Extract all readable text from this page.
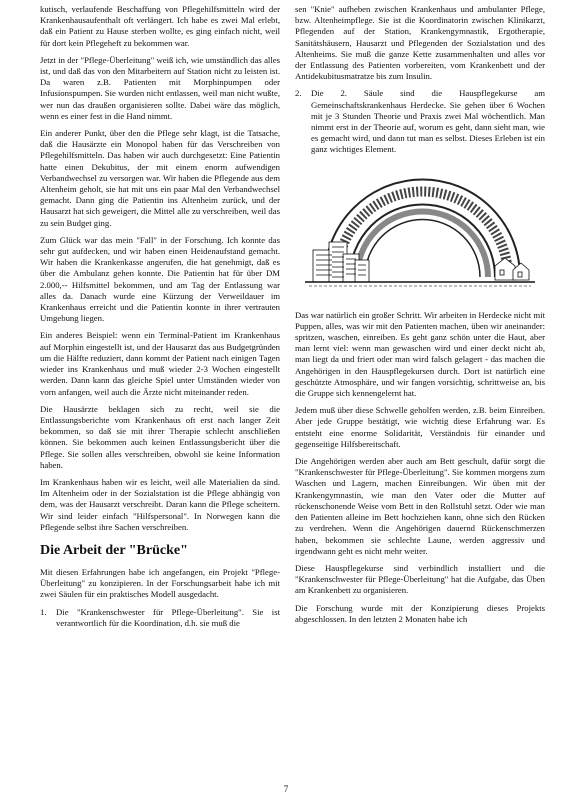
kutisch, verlaufende Beschaffung von Pflegehilfsmitteln wird der Krankenhausaufenthalt oft verlängert. Ich habe es zwei Mal erlebt, daß ein Patient zu Hause sterben wollte, es ging einfach nicht, weil für dort kein Pflegeheft zu bekommen war.

Jetzt in der "Pflege-Überleitung" weiß ich, wie umständlich das alles ist, und daß das von den Mitarbeitern auf Station nicht zu leisten ist. Da waren z.B. Patienten mit Morphinpumpen oder Infusionspumpen. Sie wurden nicht entlassen, weil man nicht wußte, wer nun das draußen organisieren sollte. Dabei wäre das möglich, wenn es einer fest in die Hand nimmt.

Ein anderer Punkt, über den die Pflege sehr klagt, ist die Tatsache, daß die Hausärzte ein Monopol haben für das Verschreiben von Pflegehilfsmitteln. Das haben wir auch durchgesetzt: Eine Patientin hatte einen Dekubitus, der mit einem enorm aufwendigen Verbandwechsel zu versorgen war. Wir haben die Pflegende aus dem Altenheim geholt, sie hat mit uns ein paar Mal den Verbandwechsel gemacht. Dann ging die Patientin ins Altenheim zurück, und der Hausarzt hat sich geweigert, die Mittel alle zu verschreiben, weil das zu sein Budget ging.

Zum Glück war das mein "Fall" in der Forschung. Ich konnte das sehr gut aufdecken, und wir haben einen Heidenaufstand gemacht. Wir haben die Krankenkasse angerufen, die hat genehmigt, daß es über die Ambulanz gehen konnte. Die Patientin hat für über DM 2.000,-- Hilfsmittel bekommen, und am Tag der Entlassung war alles da. Danach wurde eine Kürzung der Verweildauer im Krankenhaus erreicht und die Patientin konnte in ihrer vertrauten Umgebung liegen.

Ein anderes Beispiel: wenn ein Terminal-Patient im Krankenhaus auf Morphin eingestellt ist, und der Hausarzt das aus Budgetgründen um die Hälfte reduziert, dann kommt der Patient nach einigen Tagen wieder ins Krankenhaus und muß wieder 2-3 Wochen eingestellt werden. Dann kann das gleiche Spiel unter Umständen wieder von vorn anfangen, weil auch die Ärzte nicht miteinander reden.

Die Hausärzte beklagen sich zu recht, weil sie die Entlassungsberichte vom Krankenhaus oft erst nach langer Zeit bekommen, so daß sie mit ihrer Therapie schlecht anschließen können. Sie bekommen auch keinen Entlassungsbericht über die Pflege. Sie sollen alles verschreiben, obwohl sie keine Information haben.

Im Krankenhaus haben wir es leicht, weil alle Materialien da sind. Im Altenheim oder in der Sozialstation ist die Pflege abhängig von dem, was der Hausarzt verschreibt. Daran kann die Pflege scheitern. Wir sind leider einfach "Hilfspersonal". In Norwegen kann die Pflegende selbst ihre Sachen verschreiben.

Die Arbeit der "Brücke"

Mit diesen Erfahrungen habe ich angefangen, ein Projekt "Pflege-Überleitung" zu konzipieren. In der Forschungsarbeit habe ich mit zwei Säulen für ein praktisches Modell ausgedacht.

1.	Die "Krankenschwester für Pflege-Überleitung". Sie ist verantwortlich für die Koordination, d.h. sie muß die

sen "Knie" aufheben zwischen Krankenhaus und ambulanter Pflege, bzw. Altenheimpflege. Sie ist die Koordinatorin zwischen Klinikarzt, Pflegenden auf der Station, Krankengymnastik, Ergotherapie, Sanitätshäusern, Hausarzt und Pflegenden der Sozialstation und des Altenheims. Sie muß die ganze Kette zusammenhalten und alles vor der Entlassung des Patienten vorbereiten, vom Krankenbett und der Antidekubitusmatratze bis zum Insulin.

2.	Die 2. Säule sind die Hauspflegekurse am Gemeinschaftskrankenhaus Herdecke. Sie gehen über 6 Wochen mit je 3 Stunden Theorie und Praxis zwei Mal wöchentlich. Man nimmt erst in der Theorie auf, worum es geht, dann sieht man, wie es gemacht wird, und dann tut man es selbst. Dieses Erleben ist ein ganz wichtiges Element.

Das war natürlich ein großer Schritt. Wir arbeiten in Herdecke nicht mit Puppen, alles, was wir mit den Patienten machen, üben wir aneinander: spritzen, waschen, einreiben. Es geht ganz schön unter die Haut, aber man lernt viel: wenn man gewaschen wird und einer deckt nicht ab, man liegt da und friert oder man wird falsch gelagert - das machen die Angehörigen in den Hauspflegekursen durch. Dort ist natürlich eine geschützte Atmosphäre, und wir fangen vorsichtig, schrittweise an, bis die Gruppe sich kennengelernt hat.

Jedem muß über diese Schwelle geholfen werden, z.B. beim Einreiben. Aber jede Gruppe bestätigt, wie wichtig diese Erfahrung war. Es entsteht eine enorme Solidarität, Verständnis für einander und gegenseitige Hilfsbereitschaft.

Die Angehörigen werden aber auch am Bett geschult, dafür sorgt die "Krankenschwester für Pflege-Überleitung". Sie kommen morgens zum Waschen und Lagern, machen Einreibungen. Wir üben mit der Krankengymnastin, wie man den Vater oder die Mutter auf rückenschonende Weise vom Bett in den Rollstuhl setzt. Oder wie man den Patienten alleine im Bett hochziehen kann, ohne sich den Rücken zu verdrehen. Wenn die Angehörigen dauernd Rückenschmerzen haben, bekommen sie schlechte Laune, werden aggressiv und irgendwann geht es nicht mehr weiter.

Diese Hauspflegekurse sind verbindlich installiert und die "Krankenschwester für Pflege-Überleitung" hat die Aufgabe, das Üben am Krankenbett zu organisieren.

Die Forschung wurde mit der Konzipierung dieses Projekts abgeschlossen. In den letzten 2 Monaten habe ich

7
